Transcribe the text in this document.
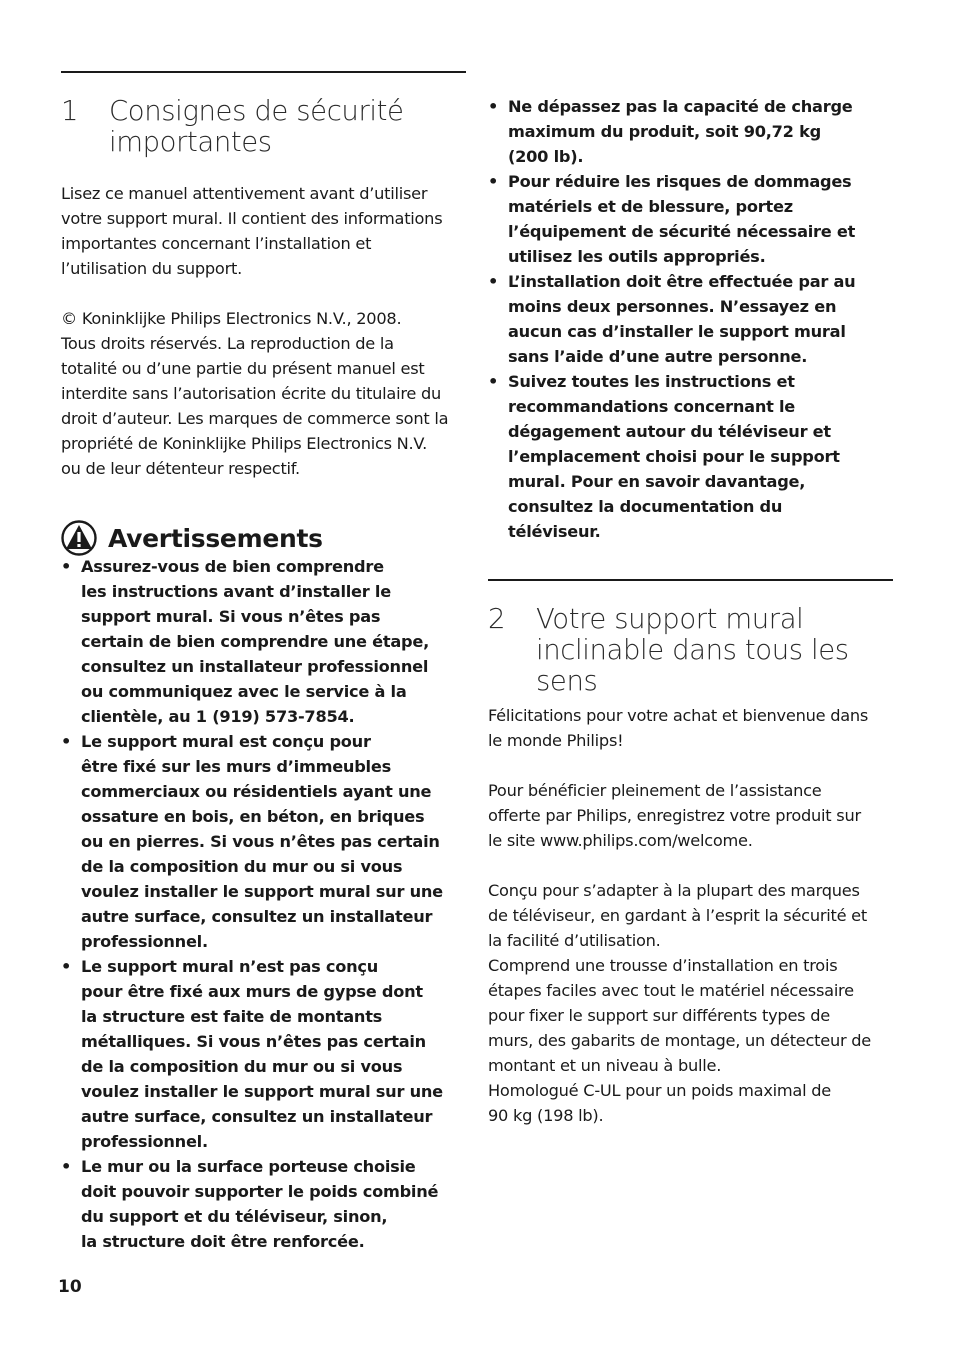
1	Consignes de sécurité
importantes

Lisez ce manuel attentivement avant d’utiliser
votre support mural. Il contient des informations
importantes concernant l’installation et
l’utilisation du support.

© Koninklijke Philips Electronics N.V., 2008.
Tous droits réservés. La reproduction de la
totalité ou d’une partie du présent manuel est
interdite sans l’autorisation écrite du titulaire du
droit d’auteur. Les marques de commerce sont la
propriété de Koninklijke Philips Electronics N.V.
ou de leur détenteur respectif.

Avertissements
• Assurez-vous de bien comprendre
les instructions avant d’installer le
support mural. Si vous n’êtes pas
certain de bien comprendre une étape,
consultez un installateur professionnel
ou communiquez avec le service à la
clientèle, au 1 (919) 573-7854.
• Le support mural est conçu pour
être fixé sur les murs d’immeubles
commerciaux ou résidentiels ayant une
ossature en bois, en béton, en briques
ou en pierres. Si vous n’êtes pas certain
de la composition du mur ou si vous
voulez installer le support mural sur une
autre surface, consultez un installateur
professionnel.
• Le support mural n’est pas conçu
pour être fixé aux murs de gypse dont
la structure est faite de montants
métalliques. Si vous n’êtes pas certain
de la composition du mur ou si vous
voulez installer le support mural sur une
autre surface, consultez un installateur
professionnel.
• Le mur ou la surface porteuse choisie
doit pouvoir supporter le poids combiné
du support et du téléviseur, sinon,
la structure doit être renforcée.
• Ne dépassez pas la capacité de charge
maximum du produit, soit 90,72 kg
(200 lb).
• Pour réduire les risques de dommages
matériels et de blessure, portez
l’équipement de sécurité nécessaire et
utilisez les outils appropriés.
• L’installation doit être effectuée par au
moins deux personnes. N’essayez en
aucun cas d’installer le support mural
sans l’aide d’une autre personne.
• Suivez toutes les instructions et
recommandations concernant le
dégagement autour du téléviseur et
l’emplacement choisi pour le support
mural. Pour en savoir davantage,
consultez la documentation du
téléviseur.
2	Votre support mural
inclinable dans tous les sens

Félicitations pour votre achat et bienvenue dans
le monde Philips!

Pour bénéficier pleinement de l’assistance
offerte par Philips, enregistrez votre produit sur
le site www.philips.com/welcome.

Conçu pour s’adapter à la plupart des marques
de téléviseur, en gardant à l’esprit la sécurité et
la facilité d’utilisation.
Comprend une trousse d’installation en trois
étapes faciles avec tout le matériel nécessaire
pour fixer le support sur différents types de
murs, des gabarits de montage, un détecteur de
montant et un niveau à bulle.
Homologué C-UL pour un poids maximal de
90 kg (198 lb).

10
